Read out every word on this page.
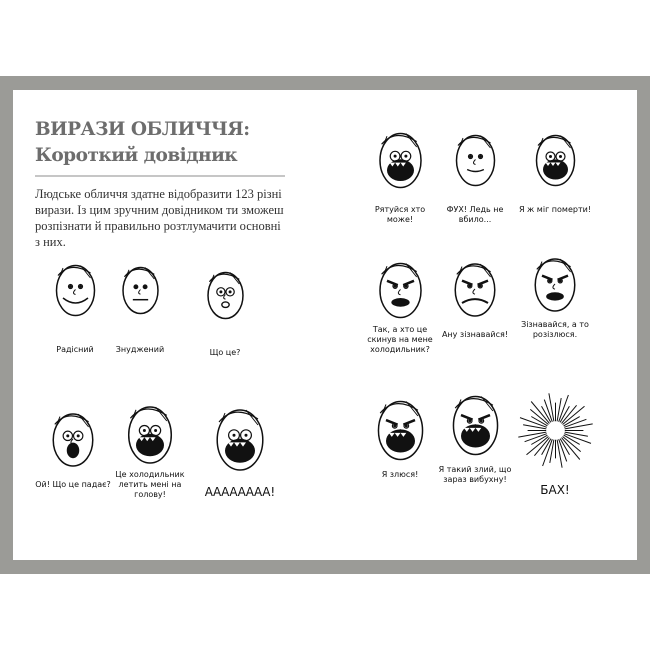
ВИРАЗИ ОБЛИЧЧЯ:
Короткий довідник
Людське обличчя здатне відобразити 123 різні вирази. Із цим зручним довідником ти зможеш розпізнати й правильно розтлумачити основні з них.
Радісний	Знуджений	Що це?
Ой! Що це падає?
Це холодильник летить мені на голову!	АААААААА!
Рятуйся хто може!
ФУХ! Ледь не вбило...
Я ж міг померти!
Так, а хто це скинув на мене холодильник?
Ану зізнавайся!
Зізнавайся, а то розізлюся.
Я злюся!
Я такий злий, що зараз вибухну!
БАХ!
